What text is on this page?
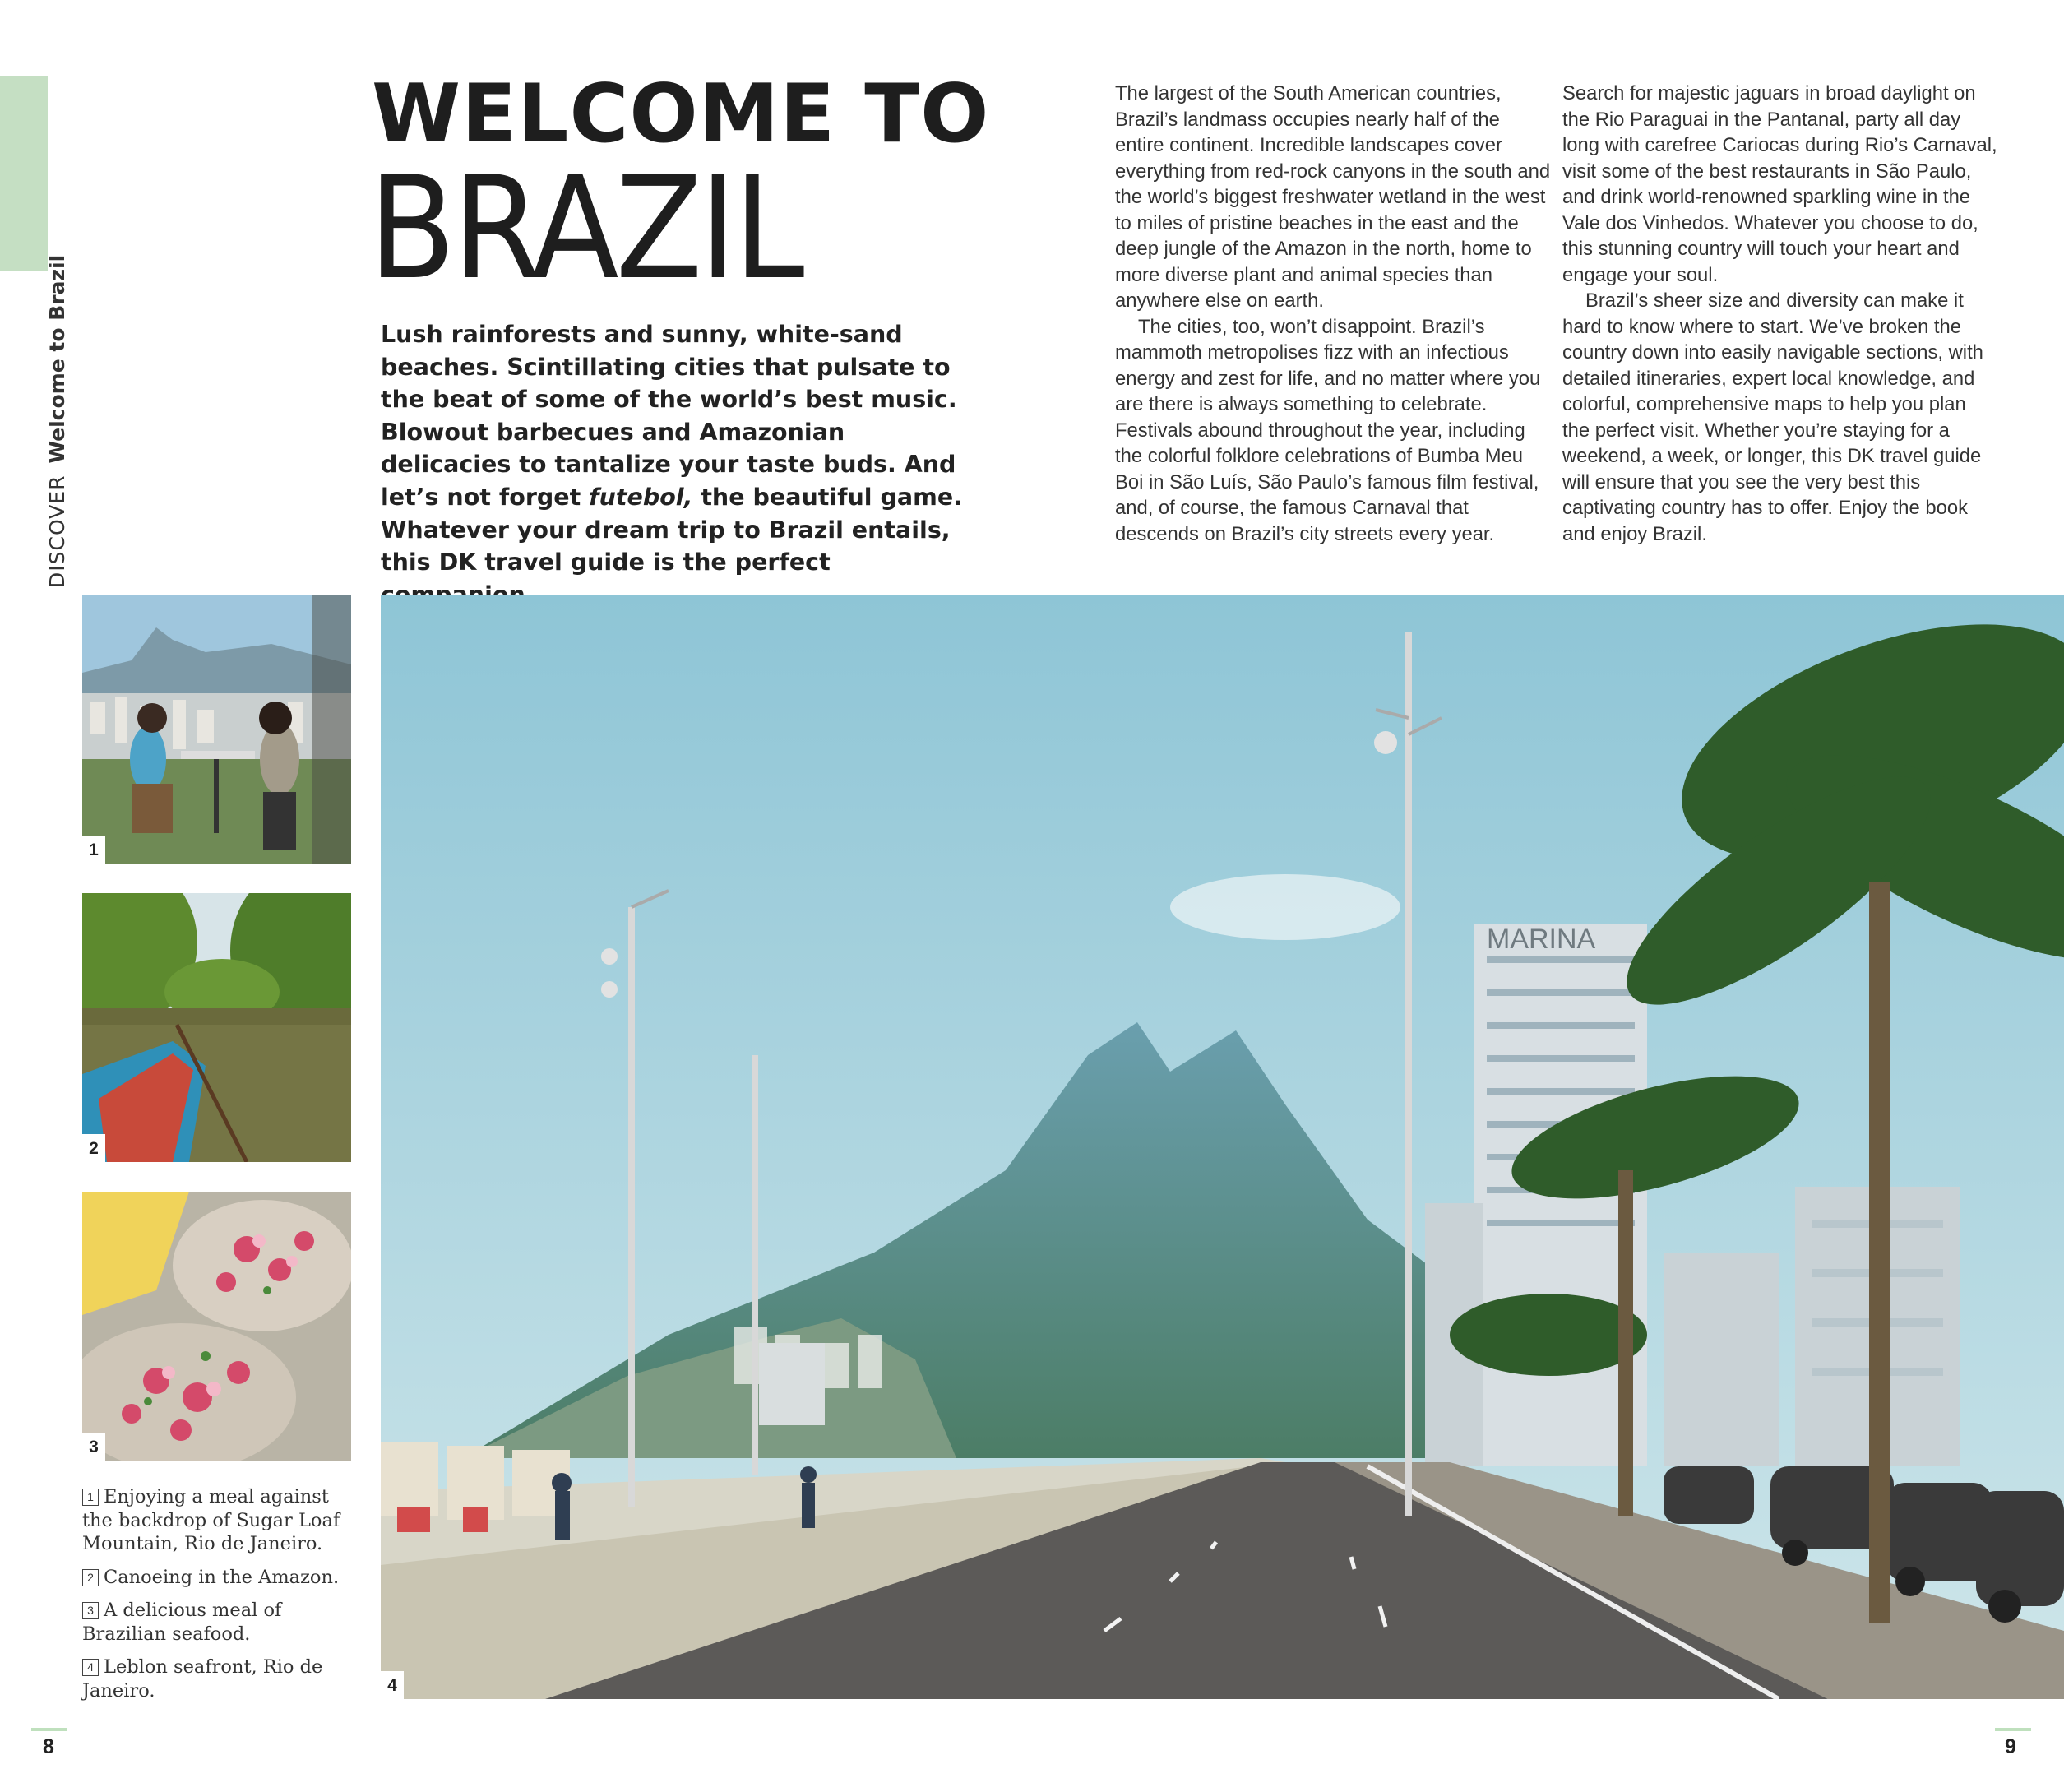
DISCOVERWelcome to Brazil
WELCOME TO
BRAZIL
Lush rainforests and sunny, white-sand beaches. Scintillating cities that pulsate to the beat of some of the world’s best music. Blowout barbecues and Amazonian delicacies to tantalize your taste buds. And let’s not forget futebol, the beautiful game. Whatever your dream trip to Brazil entails, this DK travel guide is the perfect

The largest of the South American countries, Brazil’s landmass occupies nearly half of the entire continent. Incredible landscapes cover everything from red-rock canyons in the south and the world’s biggest freshwater wetland in the west to miles of pristine beaches in the east and the deep jungle of the Amazon in the north, home to more diverse plant and animal species than anywhere else on earth.

The cities, too, won’t disappoint. Brazil’s mammoth metropolises fizz with an infectious energy and zest for life, and no matter where you are there is always something to celebrate. Festivals abound throughout the year, including the colorful folklore celebrations of Bumba Meu Boi in São Luís, São Paulo’s famous film festival, and, of course, the famous Carnaval that descends on Brazil’s city streets every year.

Search for majestic jaguars in broad daylight on the Rio Paraguai in the Pantanal, party all day long with carefree Cariocas during Rio’s Carnaval, visit some of the best restaurants in São Paulo, and drink world-renowned sparkling wine in the Vale dos Vinhedos. Whatever you choose to do, this stunning country will touch your heart and engage your soul.

Brazil’s sheer size and diversity can make it hard to know where to start. We’ve broken the country down into easily navigable sections, with detailed itineraries, expert local knowledge, and colorful, comprehensive maps to help you plan the perfect visit. Whether you’re staying for a weekend, a week, or longer, this DK travel guide will ensure that you see the very best this captivating country has to offer. Enjoy the book and enjoy Brazil.

1
2
3
MARINA
4
1 Enjoying a meal against the backdrop of Sugar Loaf Mountain, Rio de Janeiro.
2 Canoeing in the Amazon.
3 A delicious meal of Brazilian seafood.
4 Leblon seafront, Rio de Janeiro.
8	9
